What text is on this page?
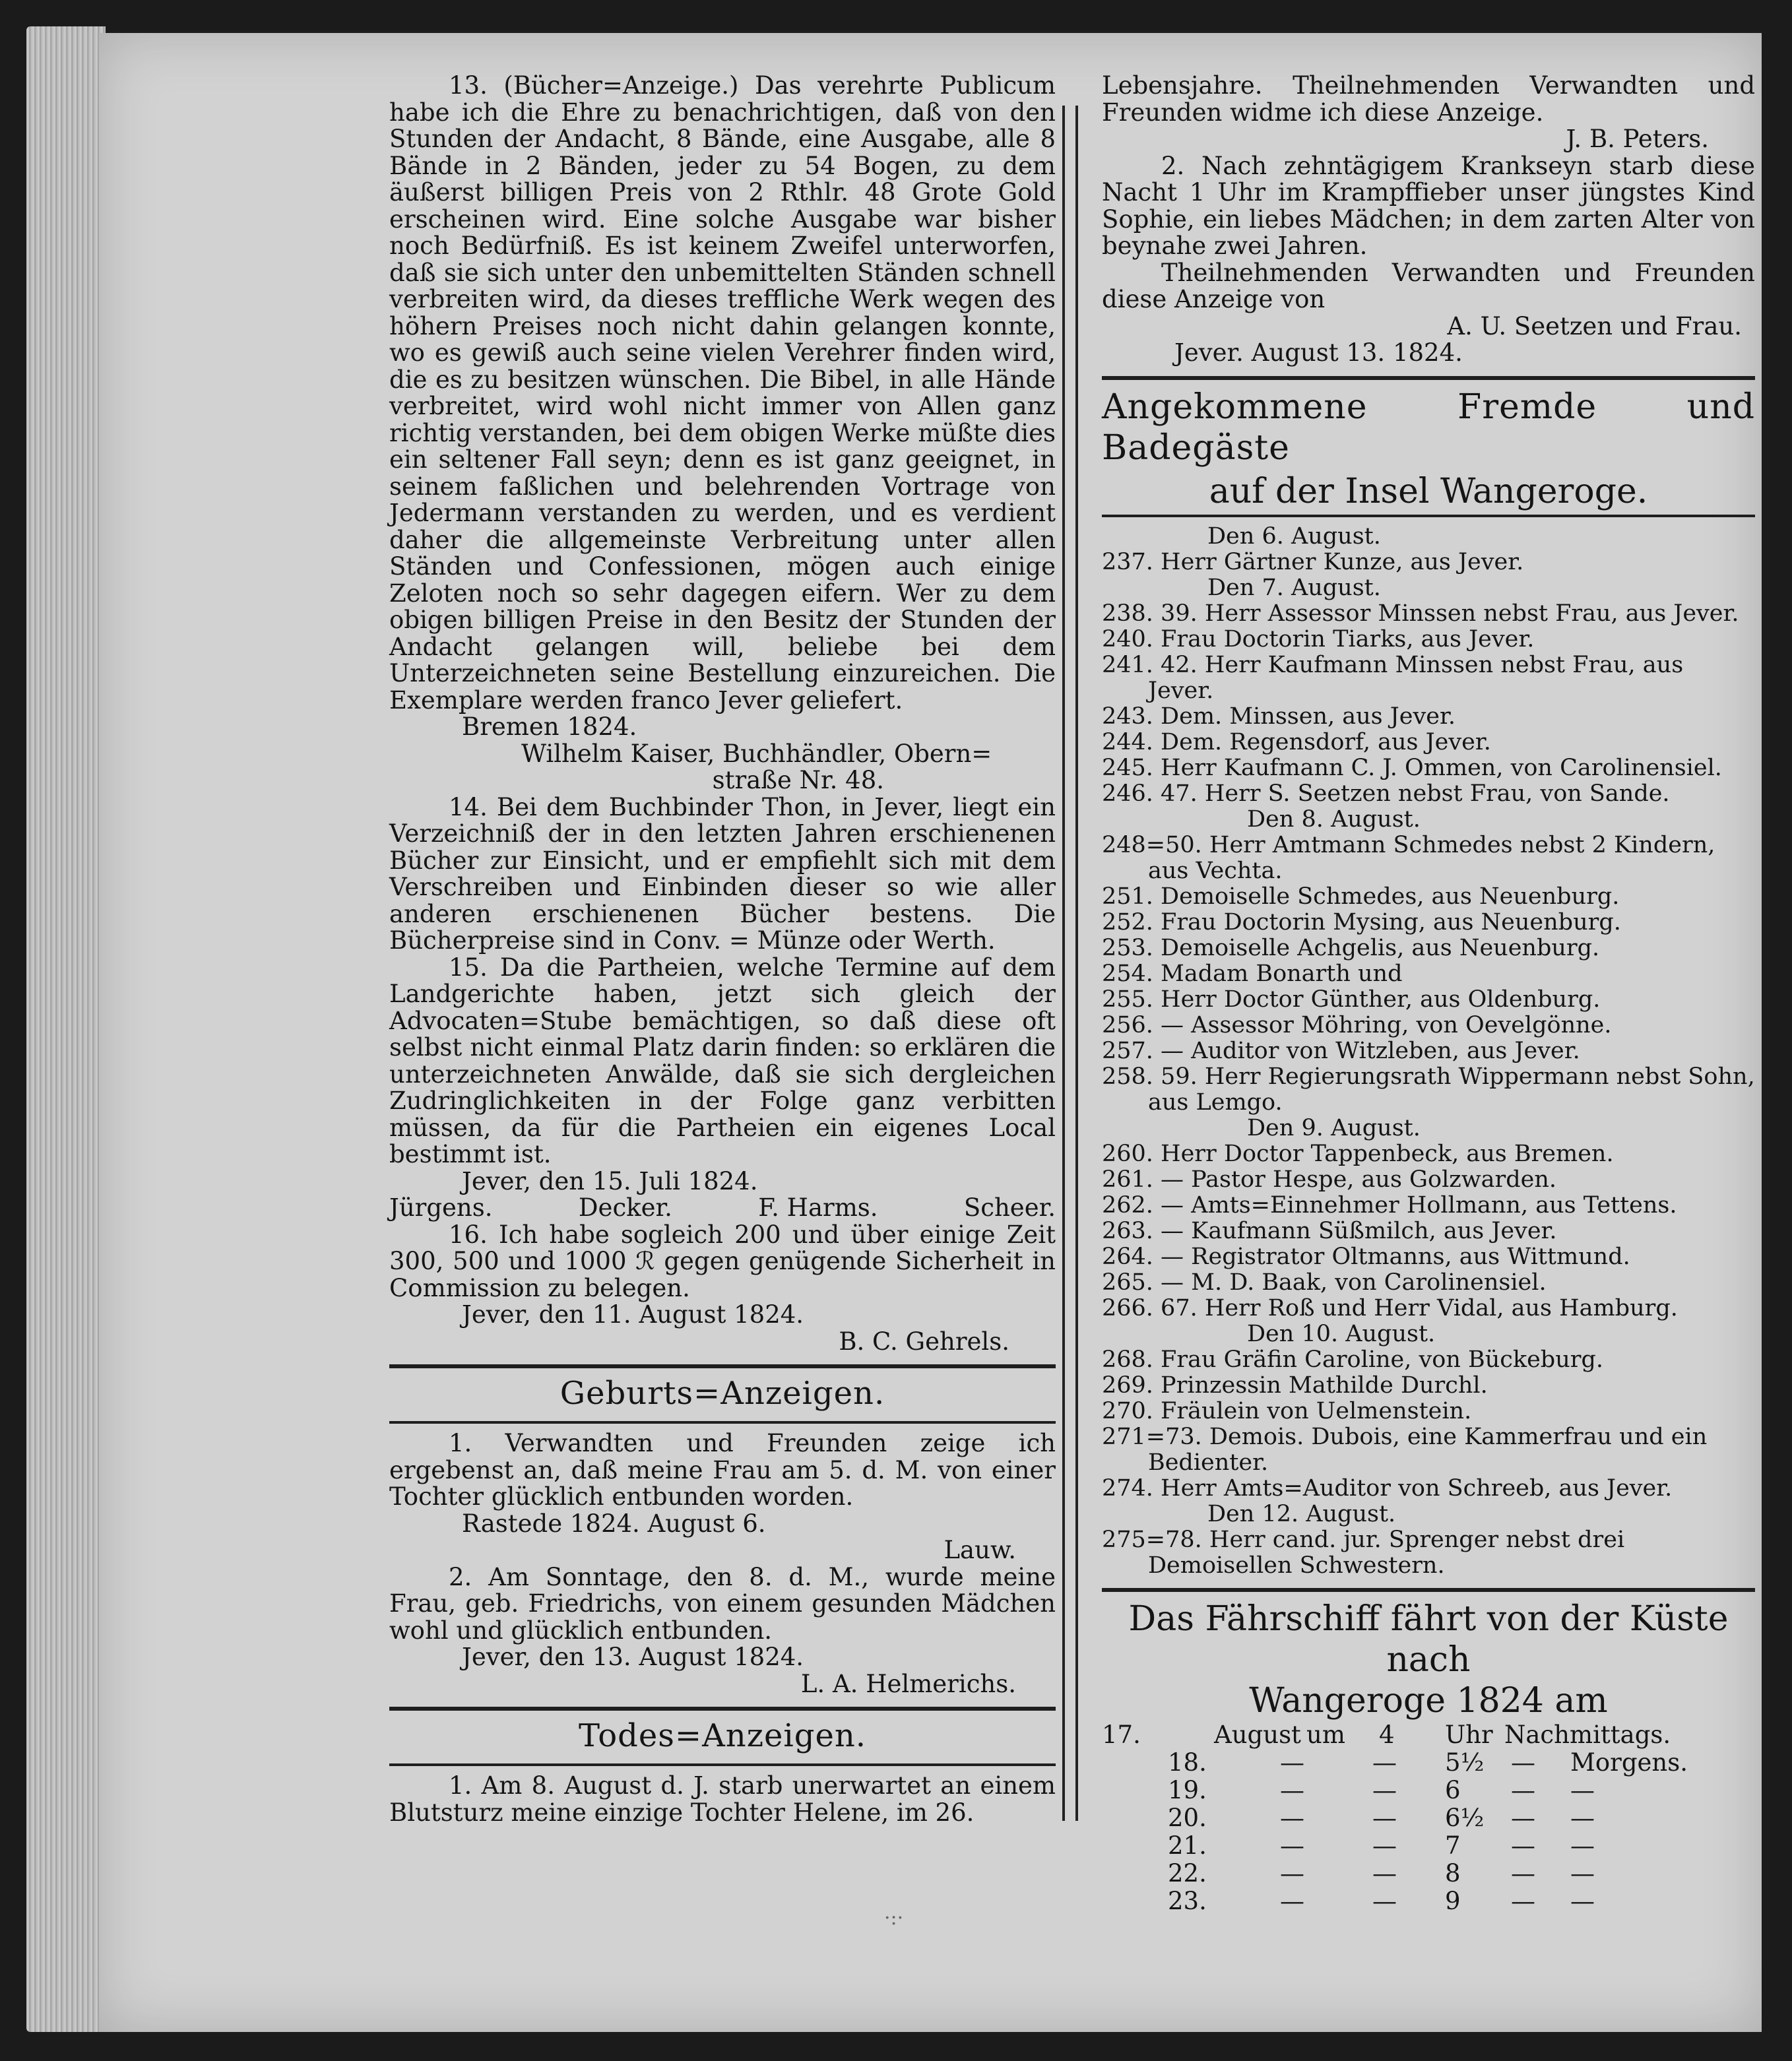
13. (Bücher=Anzeige.) Das verehrte Publicum habe ich die Ehre zu benachrichtigen, daß von den Stunden der Andacht, 8 Bände, eine Ausgabe, alle 8 Bände in 2 Bänden, jeder zu 54 Bogen, zu dem äußerst billigen Preis von 2 Rthlr. 48 Grote Gold erscheinen wird. Eine solche Ausgabe war bisher noch Bedürfniß. Es ist keinem Zweifel unterworfen, daß sie sich unter den unbemittelten Ständen schnell verbreiten wird, da dieses treffliche Werk wegen des höhern Preises noch nicht dahin gelangen konnte, wo es gewiß auch seine vielen Verehrer finden wird, die es zu besitzen wünschen. Die Bibel, in alle Hände verbreitet, wird wohl nicht immer von Allen ganz richtig verstanden, bei dem obigen Werke müßte dies ein seltener Fall seyn; denn es ist ganz geeignet, in seinem faßlichen und belehrenden Vortrage von Jedermann verstanden zu werden, und es verdient daher die allgemeinste Verbreitung unter allen Ständen und Confessionen, mögen auch einige Zeloten noch so sehr dagegen eifern. Wer zu dem obigen billigen Preise in den Besitz der Stunden der Andacht gelangen will, beliebe bei dem Unterzeichneten seine Bestellung einzureichen. Die Exemplare werden franco Jever geliefert.

Bremen 1824.

Wilhelm Kaiser, Buchhändler, Obern=

straße Nr. 48.

14. Bei dem Buchbinder Thon, in Jever, liegt ein Verzeichniß der in den letzten Jahren erschienenen Bücher zur Einsicht, und er empfiehlt sich mit dem Verschreiben und Einbinden dieser so wie aller anderen erschienenen Bücher bestens. Die Bücherpreise sind in Conv. = Münze oder Werth.

15. Da die Partheien, welche Termine auf dem Landgerichte haben, jetzt sich gleich der Advocaten=Stube bemächtigen, so daß diese oft selbst nicht einmal Platz darin finden: so erklären die unterzeichneten Anwälde, daß sie sich dergleichen Zudringlichkeiten in der Folge ganz verbitten müssen, da für die Partheien ein eigenes Local bestimmt ist.

Jever, den 15. Juli 1824.

Jürgens.	Decker.	F. Harms.	Scheer.

16. Ich habe sogleich 200 und über einige Zeit 300, 500 und 1000 ℛ gegen genügende Sicherheit in Commission zu belegen.

Jever, den 11. August 1824.

B. C. Gehrels.

Geburts=Anzeigen.

1. Verwandten und Freunden zeige ich ergebenst an, daß meine Frau am 5. d. M. von einer Tochter glücklich entbunden worden.

Rastede 1824. August 6.

Lauw.

2. Am Sonntage, den 8. d. M., wurde meine Frau, geb. Friedrichs, von einem gesunden Mädchen wohl und glücklich entbunden.

Jever, den 13. August 1824.

L. A. Helmerichs.

Todes=Anzeigen.

1. Am 8. August d. J. starb unerwartet an einem Blutsturz meine einzige Tochter Helene, im 26.

Lebensjahre. Theilnehmenden Verwandten und Freunden widme ich diese Anzeige.

J. B. Peters.

2. Nach zehntägigem Krankseyn starb diese Nacht 1 Uhr im Krampffieber unser jüngstes Kind Sophie, ein liebes Mädchen; in dem zarten Alter von beynahe zwei Jahren.

Theilnehmenden Verwandten und Freunden diese Anzeige von

A. U. Seetzen und Frau.

Jever. August 13. 1824.

Angekommene Fremde und Badegäste
auf der Insel Wangeroge.

Den 6. August.

237. Herr Gärtner Kunze, aus Jever.

Den 7. August.

238. 39. Herr Assessor Minssen nebst Frau, aus Jever.

240. Frau Doctorin Tiarks, aus Jever.

241. 42. Herr Kaufmann Minssen nebst Frau, aus Jever.

243. Dem. Minssen, aus Jever.

244. Dem. Regensdorf, aus Jever.

245. Herr Kaufmann C. J. Ommen, von Carolinensiel.

246. 47. Herr S. Seetzen nebst Frau, von Sande.

Den 8. August.

248=50. Herr Amtmann Schmedes nebst 2 Kindern, aus Vechta.

251. Demoiselle Schmedes, aus Neuenburg.

252. Frau Doctorin Mysing, aus Neuenburg.

253. Demoiselle Achgelis, aus Neuenburg.

254. Madam Bonarth und

255. Herr Doctor Günther, aus Oldenburg.

256. — Assessor Möhring, von Oevelgönne.

257. — Auditor von Witzleben, aus Jever.

258. 59. Herr Regierungsrath Wippermann nebst Sohn, aus Lemgo.

Den 9. August.

260. Herr Doctor Tappenbeck, aus Bremen.

261. — Pastor Hespe, aus Golzwarden.

262. — Amts=Einnehmer Hollmann, aus Tettens.

263. — Kaufmann Süßmilch, aus Jever.

264. — Registrator Oltmanns, aus Wittmund.

265. — M. D. Baak, von Carolinensiel.

266. 67. Herr Roß und Herr Vidal, aus Hamburg.

Den 10. August.

268. Frau Gräfin Caroline, von Bückeburg.

269. Prinzessin Mathilde Durchl.

270. Fräulein von Uelmenstein.

271=73. Demois. Dubois, eine Kammerfrau und ein Bedienter.

274. Herr Amts=Auditor von Schreeb, aus Jever.

Den 12. August.

275=78. Herr cand. jur. Sprenger nebst drei Demoisellen Schwestern.

Das Fährschiff fährt von der Küste nach
Wangeroge 1824 am
17.	August um	4	Uhr Nachmittags.
18.	—	—	5½	—	Morgens.
19.	—	—	6	—	—
20.	—	—	6½	—	—
21.	—	—	7	—	—
22.	—	—	8	—	—
23.	—	—	9	—	—
·:·
